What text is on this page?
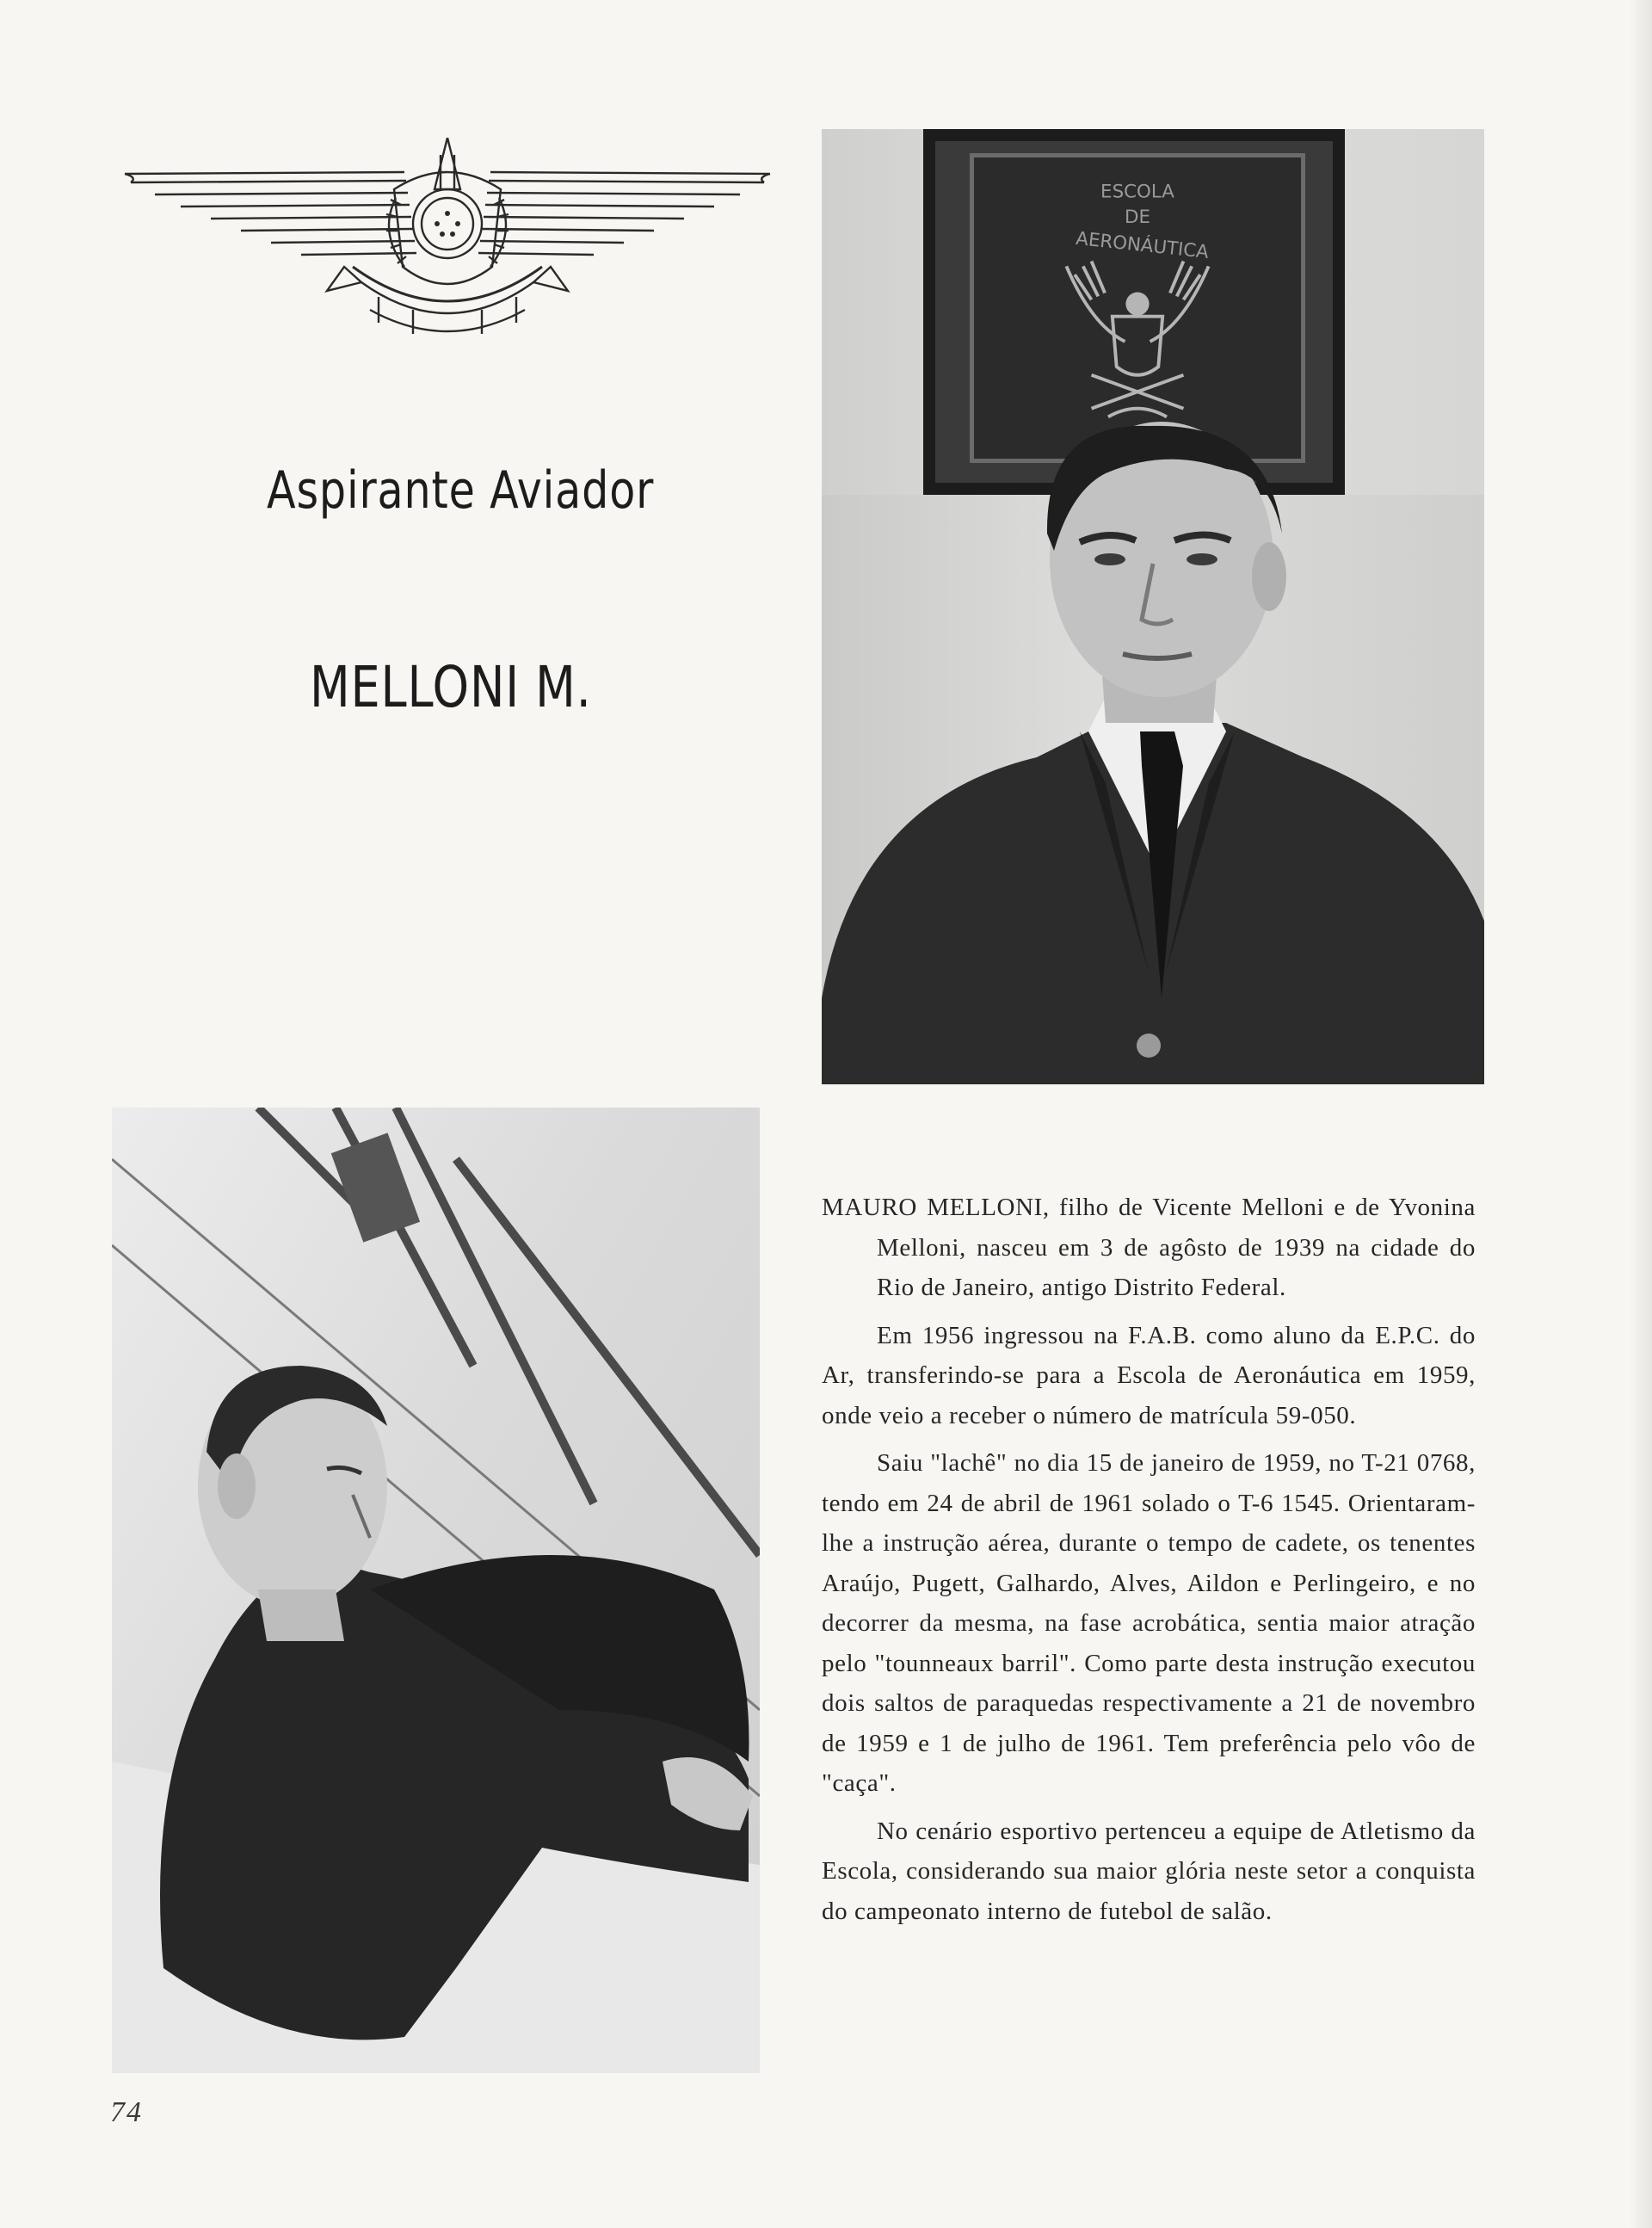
Aspirante Aviador
MELLONI M.
ESCOLA
DE
AERONÁUTICA

MAURO MELLONI, filho de Vicente Melloni e de Yvonina Melloni, nasceu em 3 de agôsto de 1939 na cidade do Rio de Janeiro, antigo Distrito Federal.

Em 1956 ingressou na F.A.B. como aluno da E.P.C. do Ar, transferindo-se para a Escola de Aeronáutica em 1959, onde veio a receber o número de matrícula 59-050.

Saiu "lachê" no dia 15 de janeiro de 1959, no T-21 0768, tendo em 24 de abril de 1961 solado o T-6 1545. Orientaram-lhe a instrução aérea, durante o tempo de cadete, os tenentes Araújo, Pugett, Galhardo, Alves, Aildon e Perlingeiro, e no decorrer da mesma, na fase acrobática, sentia maior atração pelo "tounneaux barril". Como parte desta instrução executou dois saltos de paraquedas respectivamente a 21 de novembro de 1959 e 1 de julho de 1961. Tem preferência pelo vôo de "caça".

No cenário esportivo pertenceu a equipe de Atletismo da Escola, considerando sua maior glória neste setor a conquista do campeonato interno de futebol de salão.

74
